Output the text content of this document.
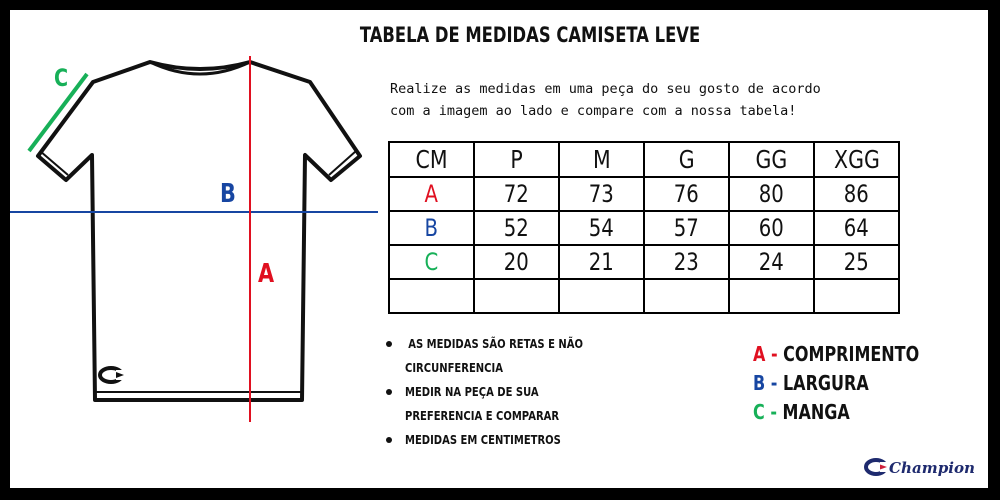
TABELA DE MEDIDAS CAMISETA LEVE
C
B
A
Realize as medidas em uma peça do seu gosto de acordo
com a imagem ao lado e compare com a nossa tabela!
CM	P	M	G	GG	XGG
A	72	73	76	80	86
B	52	54	57	60	64
C	20	21	23	24	25

AS MEDIDAS SÃO RETAS E NÃO
CIRCUNFERENCIA
MEDIR NA PEÇA DE SUA
PREFERENCIA E COMPARAR
MEDIDAS EM CENTIMETROS
A - COMPRIMENTO
B - LARGURA
C - MANGA
Champion
